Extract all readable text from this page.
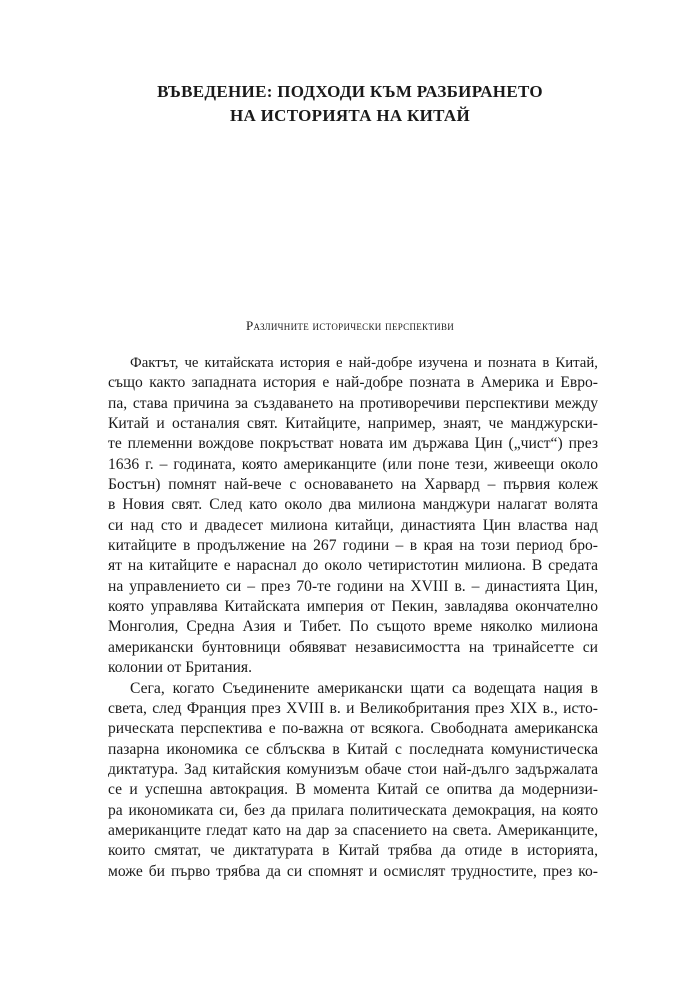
ВЪВЕДЕНИЕ: ПОДХОДИ КЪМ РАЗБИРАНЕТО
НА ИСТОРИЯТА НА КИТАЙ
Различните исторически перспективи
Фактът, че китайската история е най-добре изучена и позната в Китай,
също както западната история е най-добре позната в Америка и Евро-
па, става причина за създаването на противоречиви перспективи между
Китай и останалия свят. Китайците, например, знаят, че манджурски-
те племенни вождове покръстват новата им държава Цин („чист“) през
1636 г. – годината, която американците (или поне тези, живеещи около
Бостън) помнят най-вече с основаването на Харвард – първия колеж
в Новия свят. След като около два милиона манджури налагат волята
си над сто и двадесет милиона китайци, династията Цин властва над
китайците в продължение на 267 години – в края на този период бро-
ят на китайците е нараснал до около четиристотин милиона. В средата
на управлението си – през 70-те години на XVIII в. – династията Цин,
която управлява Китайската империя от Пекин, завладява окончателно
Монголия, Средна Азия и Тибет. По същото време няколко милиона
американски бунтовници обявяват независимостта на тринайсетте си
колонии от Британия.
Сега, когато Съединените американски щати са водещата нация в
света, след Франция през XVIII в. и Великобритания през XIX в., исто-
рическата перспектива е по-важна от всякога. Свободната американска
пазарна икономика се сблъсква в Китай с последната комунистическа
диктатура. Зад китайския комунизъм обаче стои най-дълго задържалата
се и успешна автокрация. В момента Китай се опитва да модернизи-
ра икономиката си, без да прилага политическата демокрация, на която
американците гледат като на дар за спасението на света. Американците,
които смятат, че диктатурата в Китай трябва да отиде в историята,
може би първо трябва да си спомнят и осмислят трудностите, през ко-
